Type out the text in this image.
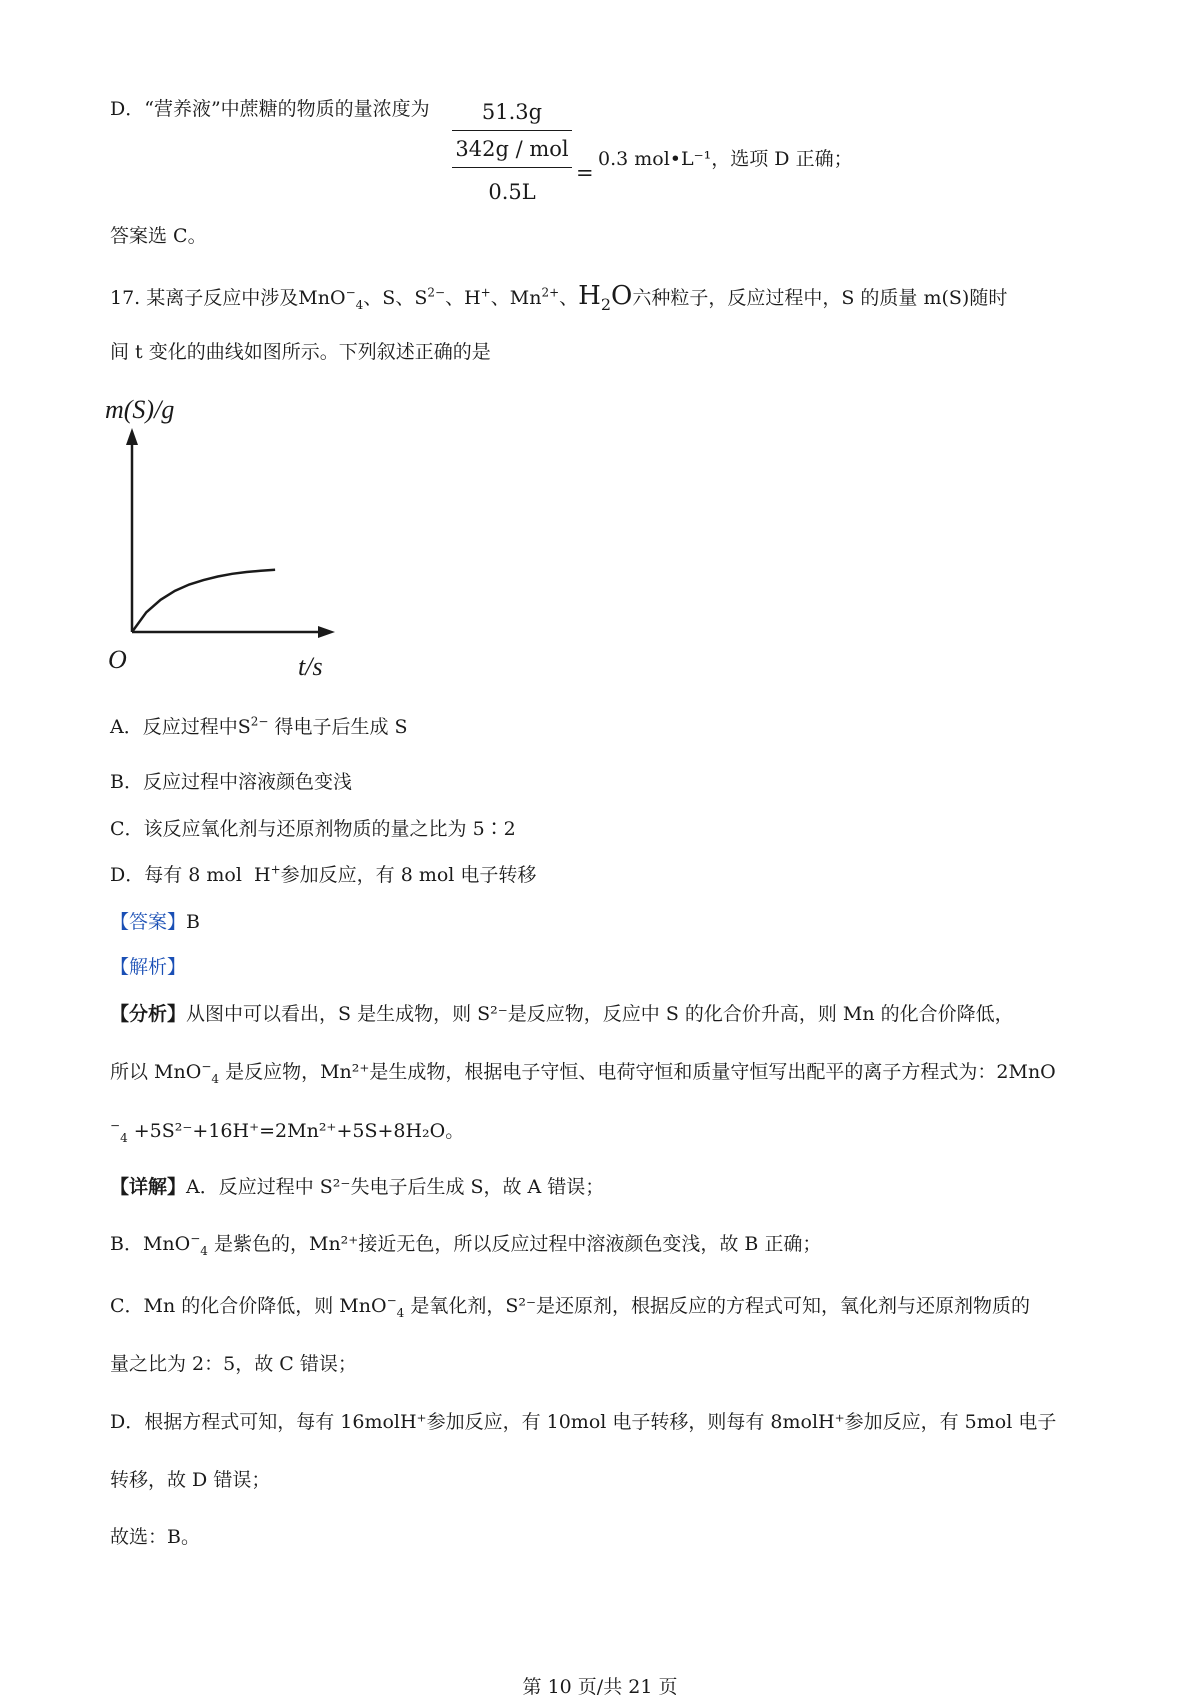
D．“营养液”中蔗糖的物质的量浓度为	51.3g
342g / mol
0.5L
=
0.3 mol•L⁻¹，选项 D 正确；
答案选 C。
17. 某离子反应中涉及MnO−$_4$、S、$S^{2-}$、H+、$Mn^{2+}$、$H_2O$六种粒子，反应过程中，S 的质量 m(S)随时
间 t 变化的曲线如图所示。下列叙述正确的是
m(S)/g
O	t/s
A．反应过程中$S^{2-}$ 得电子后生成 S
B．反应过程中溶液颜色变浅
C．该反应氧化剂与还原剂物质的量之比为 5∶2
D．每有 8 mol H+参加反应，有 8 mol 电子转移
【答案】B
【解析】
【分析】从图中可以看出，S 是生成物，则 S²⁻是反应物，反应中 S 的化合价升高，则 Mn 的化合价降低，
所以 MnO−$_4$ 是反应物，Mn²⁺是生成物，根据电子守恒、电荷守恒和质量守恒写出配平的离子方程式为：2MnO
−$_4$ +5S²⁻+16H⁺=2Mn²⁺+5S+8H₂O。
【详解】A．反应过程中 S²⁻失电子后生成 S，故 A 错误；
B．MnO−$_4$ 是紫色的，Mn²⁺接近无色，所以反应过程中溶液颜色变浅，故 B 正确；
C．Mn 的化合价降低，则 MnO−$_4$ 是氧化剂，S²⁻是还原剂，根据反应的方程式可知，氧化剂与还原剂物质的
量之比为 2：5，故 C 错误；
D．根据方程式可知，每有 16molH⁺参加反应，有 10mol 电子转移，则每有 8molH⁺参加反应，有 5mol 电子
转移，故 D 错误；
故选：B。
第 10 页/共 21 页
